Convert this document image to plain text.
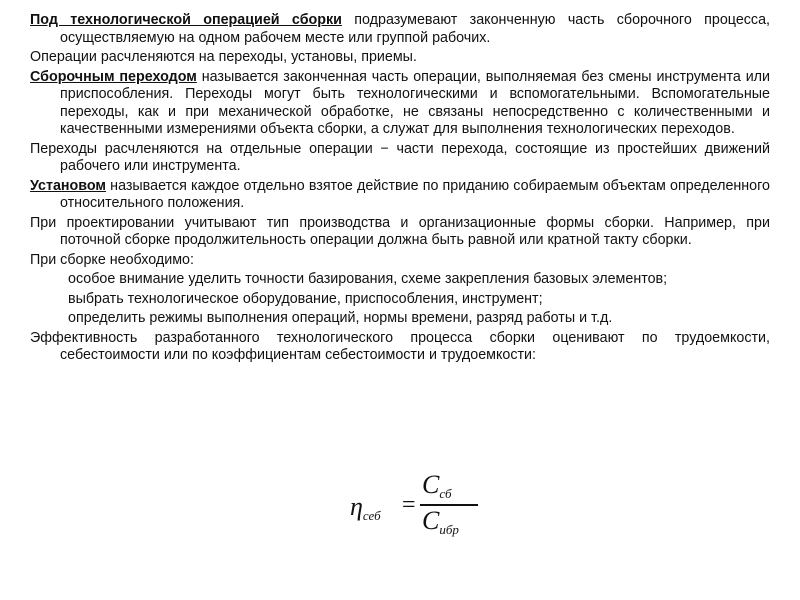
Под технологической операцией сборки подразумевают законченную часть сборочного процесса, осуществляемую на одном рабочем месте или группой рабочих.

Операции расчленяются на переходы, установы, приемы.

Сборочным переходом называется законченная часть операции, выполняемая без смены инструмента или приспособления. Переходы могут быть технологическими и вспомогательными. Вспомогательные переходы, как и при механической обработке, не связаны непосредственно с количественными и качественными измерениями объекта сборки, а служат для выполнения технологических переходов.

Переходы расчленяются на отдельные операции − части перехода, состоящие из простейших движений рабочего или инструмента.

Установом называется каждое отдельно взятое действие по приданию собираемым объектам определенного относительного положения.

При проектировании учитывают тип производства и организационные формы сборки. Например, при поточной сборке продолжительность операции должна быть равной или кратной такту сборки.

При сборке необходимо:

особое внимание уделить точности базирования, схеме закрепления базовых элементов;

выбрать технологическое оборудование, приспособления, инструмент;

определить режимы выполнения операций, нормы времени, разряд работы и т.д.

Эффективность разработанного технологического процесса сборки оценивают по трудоемкости, себестоимости или по коэффициентам себестоимости и трудоемкости:

$\eta_{себ}$ =
$C_{сб}$
$C_{ибр}$
